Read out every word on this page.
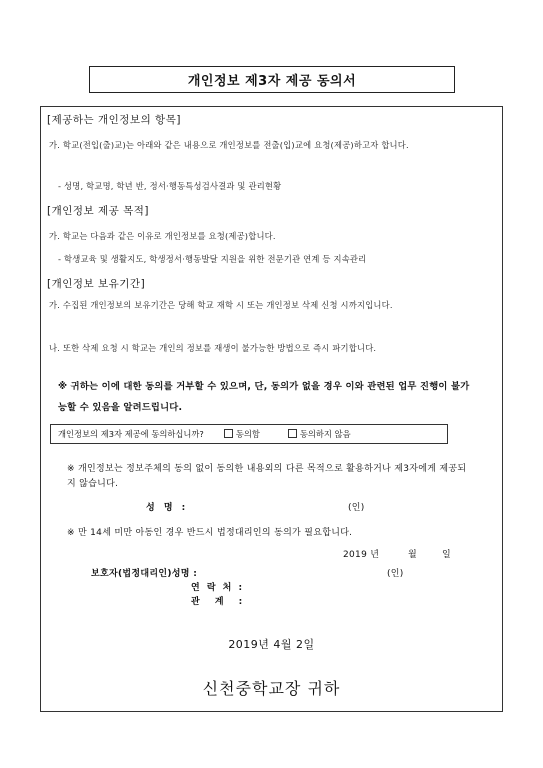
개인정보 제3자 제공 동의서
[제공하는 개인정보의 항목]
가. 학교(전입(출)교)는 아래와 같은 내용으로 개인정보를 전출(입)교에 요청(제공)하고자 합니다.
- 성명, 학교명, 학년 반, 정서·행동특성검사결과 및 관리현황
[개인정보 제공 목적]
가. 학교는 다음과 같은 이유로 개인정보를 요청(제공)합니다.
- 학생교육 및 생활지도, 학생정서·행동발달 지원을 위한 전문기관 연계 등 지속관리
[개인정보 보유기간]
가. 수집된 개인정보의 보유기간은 당해 학교 재학 시 또는 개인정보 삭제 신청 시까지입니다.
나. 또한 삭제 요청 시 학교는 개인의 정보를 재생이 불가능한 방법으로 즉시 파기합니다.
※ 귀하는 이에 대한 동의를 거부할 수 있으며, 단, 동의가 없을 경우 이와 관련된 업무 진행이 불가능할 수 있음을 알려드립니다.
개인정보의 제3자 제공에 동의하십니까?	동의함	동의하지 않음
※ 개인정보는 정보주체의 동의 없이 동의한 내용외의 다른 목적으로 활용하거나 제3자에게 제공되지 않습니다.
성 명 :	(인)
※ 만 14세 미만 아동인 경우 반드시 법정대리인의 동의가 필요합니다.
2019 년	월	일
보호자(법정대리인)성명 :	(인)
연 락 처 :
관 계 :
2019년 4월 2일
신천중학교장 귀하
